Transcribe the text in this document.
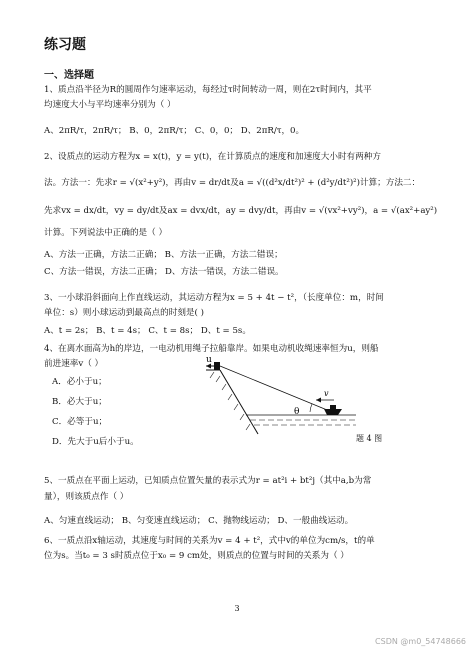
练习题
一、选择题
1、质点沿半径为R的圆周作匀速率运动，每经过τ时间转动一周，则在2τ时间内，其平
均速度大小与平均速率分别为（ ）
A、2πR/τ，2πR/τ； B、0，2πR/τ； C、0，0； D、2πR/τ，0。
2、设质点的运动方程为x = x(t)，y = y(t)，在计算质点的速度和加速度大小时有两种方
法。方法一：先求r = √(x²+y²)，再由v = dr/dt及a = √((d²x/dt²)² + (d²y/dt²)²)计算；方法二：
先求vx = dx/dt，vy = dy/dt及ax = dvx/dt，ay = dvy/dt，再由v = √(vx²+vy²)，a = √(ax²+ay²)
计算。下列说法中正确的是（ ）
A、方法一正确，方法二正确； B、方法一正确，方法二错误；
C、方法一错误，方法二正确； D、方法一错误，方法二错误。
3、一小球沿斜面向上作直线运动，其运动方程为x = 5 + 4t − t²，（长度单位：m，时间
单位：s）则小球运动到最高点的时刻是( )
A、t = 2s； B、t = 4s； C、t = 8s； D、t = 5s。
4、在离水面高为h的岸边，一电动机用绳子拉船靠岸。如果电动机收绳速率恒为u，则船
前进速率v（ ）
A．必小于u；
B．必大于u；
C．必等于u；
D．先大于u后小于u。
5、一质点在平面上运动，已知质点位置矢量的表示式为r = at²i + bt²j（其中a,b为常
量），则该质点作（ ）
A、匀速直线运动； B、匀变速直线运动； C、抛物线运动； D、一般曲线运动。
6、一质点沿x轴运动，其速度与时间的关系为v = 4 + t²，式中v的单位为cm/s，t的单
位为s。当t₀ = 3 s时质点位于x₀ = 9 cm处，则质点的位置与时间的关系为（ ）
u
θ
v
题 4 图
3
CSDN @m0_54748666
